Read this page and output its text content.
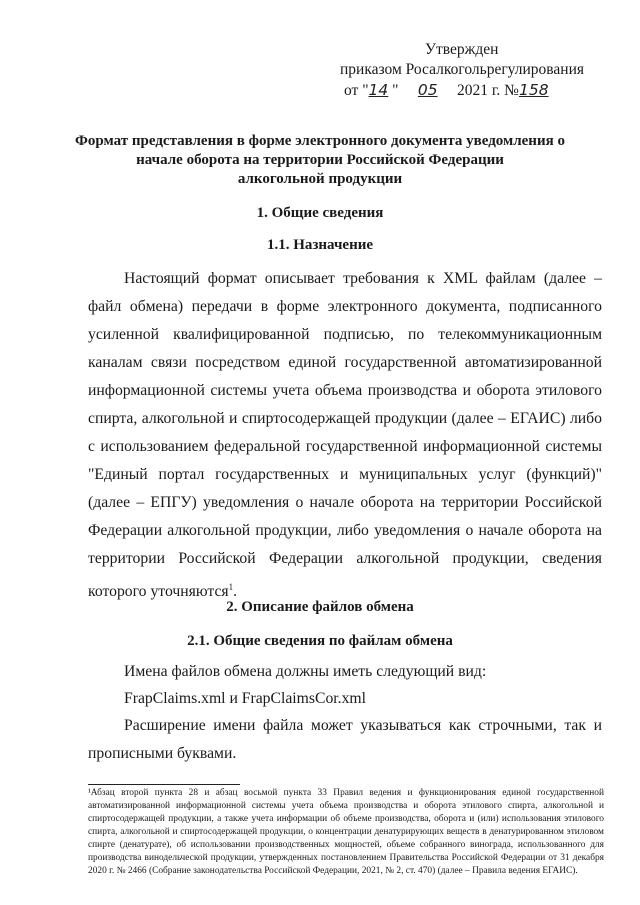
Утвержден
приказом Росалкогольрегулирования
от "14 " 05     2021 г. №158
Формат представления в форме электронного документа уведомления о
начале оборота на территории Российской Федерации
алкогольной продукции
1. Общие сведения
1.1. Назначение
Настоящий формат описывает требования к XML файлам (далее – файл обмена) передачи в форме электронного документа, подписанного усиленной квалифицированной подписью, по телекоммуникационным каналам связи посредством единой государственной автоматизированной информационной системы учета объема производства и оборота этилового спирта, алкогольной и спиртосодержащей продукции (далее – ЕГАИС) либо с использованием федеральной государственной информационной системы "Единый портал государственных и муниципальных услуг (функций)" (далее – ЕПГУ) уведомления о начале оборота на территории Российской Федерации алкогольной продукции, либо уведомления о начале оборота на территории Российской Федерации алкогольной продукции, сведения которого уточняются$^1$.
2. Описание файлов обмена
2.1. Общие сведения по файлам обмена
Имена файлов обмена должны иметь следующий вид:
FrapClaims.xml и FrapClaimsCor.xml
Расширение имени файла может указываться как строчными, так и прописными буквами.
¹Абзац второй пункта 28 и абзац восьмой пункта 33 Правил ведения и функционирования единой государственной автоматизированной информационной системы учета объема производства и оборота этилового спирта, алкогольной и спиртосодержащей продукции, а также учета информации об объеме производства, оборота и (или) использования этилового спирта, алкогольной и спиртосодержащей продукции, о концентрации денатурирующих веществ в денатурированном этиловом спирте (денатурате), об использовании производственных мощностей, объеме собранного винограда, использованного для производства винодельческой продукции, утвержденных постановлением Правительства Российской Федерации от 31 декабря 2020 г. № 2466 (Собрание законодательства Российской Федерации, 2021, № 2, ст. 470) (далее – Правила ведения ЕГАИС).
